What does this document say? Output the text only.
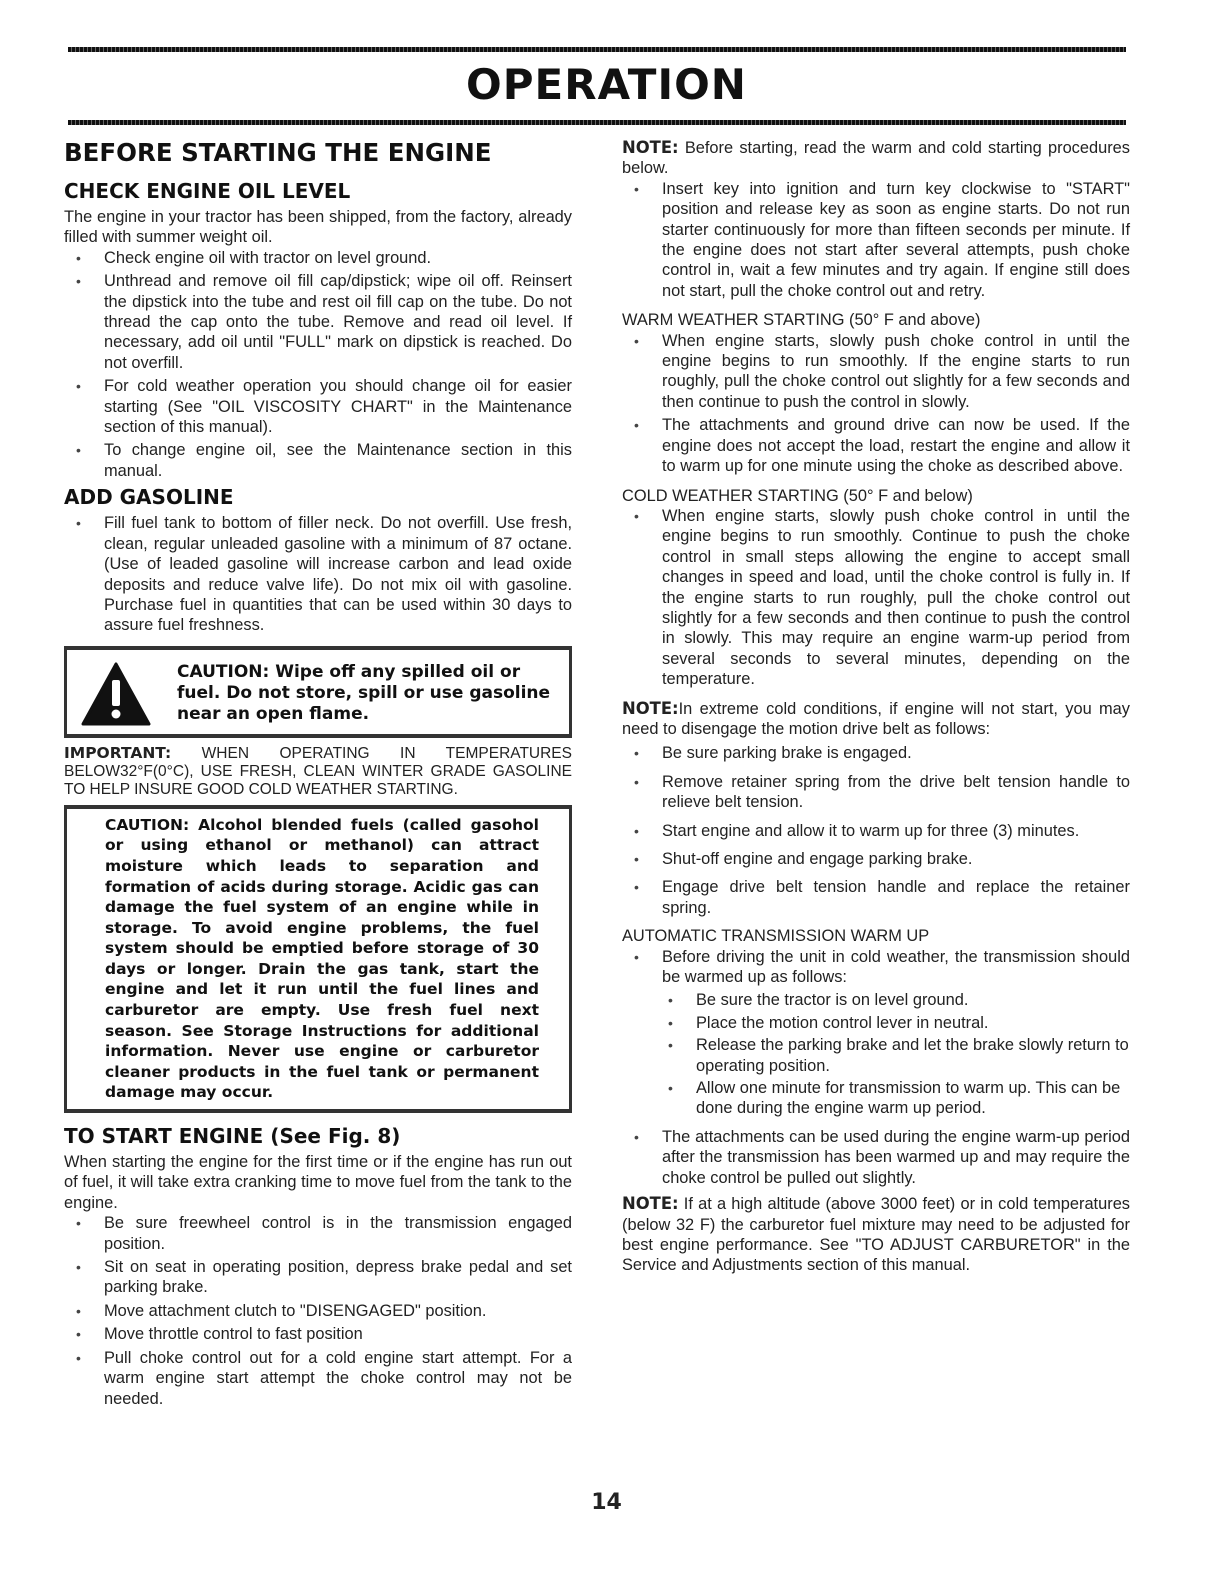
OPERATION
BEFORE STARTING THE ENGINE
CHECK ENGINE OIL LEVEL

The engine in your tractor has been shipped, from the factory, already filled with summer weight oil.

• Check engine oil with tractor on level ground.
• Unthread and remove oil fill cap/dipstick; wipe oil off. Reinsert the dipstick into the tube and rest oil fill cap on the tube. Do not thread the cap onto the tube. Remove and read oil level. If necessary, add oil until "FULL" mark on dipstick is reached. Do not overfill.
• For cold weather operation you should change oil for easier starting (See "OIL VISCOSITY CHART" in the Maintenance section of this manual).
• To change engine oil, see the Maintenance section in this manual.
ADD GASOLINE
• Fill fuel tank to bottom of filler neck. Do not overfill. Use fresh, clean, regular unleaded gasoline with a minimum of 87 octane. (Use of leaded gasoline will increase carbon and lead oxide deposits and reduce valve life). Do not mix oil with gasoline. Purchase fuel in quantities that can be used within 30 days to assure fuel freshness.
CAUTION: Wipe off any spilled oil or fuel. Do not store, spill or use gasoline near an open flame.

IMPORTANT: WHEN OPERATING IN TEMPERATURES BELOW32°F(0°C), USE FRESH, CLEAN WINTER GRADE GASOLINE TO HELP INSURE GOOD COLD WEATHER STARTING.

CAUTION: Alcohol blended fuels (called gasohol or using ethanol or methanol) can attract moisture which leads to separation and formation of acids during storage. Acidic gas can damage the fuel system of an engine while in storage. To avoid engine problems, the fuel system should be emptied before storage of 30 days or longer. Drain the gas tank, start the engine and let it run until the fuel lines and carburetor are empty. Use fresh fuel next season. See Storage Instructions for additional information. Never use engine or carburetor cleaner products in the fuel tank or permanent damage may occur.
TO START ENGINE (See Fig. 8)

When starting the engine for the first time or if the engine has run out of fuel, it will take extra cranking time to move fuel from the tank to the engine.

• Be sure freewheel control is in the transmission engaged position.
• Sit on seat in operating position, depress brake pedal and set parking brake.
• Move attachment clutch to "DISENGAGED" position.
• Move throttle control to fast position
• Pull choke control out for a cold engine start attempt. For a warm engine start attempt the choke control may not be needed.

NOTE: Before starting, read the warm and cold starting procedures below.

• Insert key into ignition and turn key clockwise to "START" position and release key as soon as engine starts. Do not run starter continuously for more than fifteen seconds per minute. If the engine does not start after several attempts, push choke control in, wait a few minutes and try again. If engine still does not start, pull the choke control out and retry.

WARM WEATHER STARTING (50° F and above)

• When engine starts, slowly push choke control in until the engine begins to run smoothly. If the engine starts to run roughly, pull the choke control out slightly for a few seconds and then continue to push the control in slowly.
• The attachments and ground drive can now be used. If the engine does not accept the load, restart the engine and allow it to warm up for one minute using the choke as described above.

COLD WEATHER STARTING (50° F and below)

• When engine starts, slowly push choke control in until the engine begins to run smoothly. Continue to push the choke control in small steps allowing the engine to accept small changes in speed and load, until the choke control is fully in. If the engine starts to run roughly, pull the choke control out slightly for a few seconds and then continue to push the control in slowly. This may require an engine warm-up period from several seconds to several minutes, depending on the temperature.

NOTE:In extreme cold conditions, if engine will not start, you may need to disengage the motion drive belt as follows:

• Be sure parking brake is engaged.
• Remove retainer spring from the drive belt tension handle to relieve belt tension.
• Start engine and allow it to warm up for three (3) minutes.
• Shut-off engine and engage parking brake.
• Engage drive belt tension handle and replace the retainer spring.

AUTOMATIC TRANSMISSION WARM UP

• Before driving the unit in cold weather, the transmission should be warmed up as follows:
• Be sure the tractor is on level ground.
• Place the motion control lever in neutral.
• Release the parking brake and let the brake slowly return to operating position.
• Allow one minute for transmission to warm up. This can be done during the engine warm up period.
• The attachments can be used during the engine warm-up period after the transmission has been warmed up and may require the choke control be pulled out slightly.

NOTE: If at a high altitude (above 3000 feet) or in cold temperatures (below 32 F) the carburetor fuel mixture may need to be adjusted for best engine performance. See "TO ADJUST CARBURETOR" in the Service and Adjustments section of this manual.

14
